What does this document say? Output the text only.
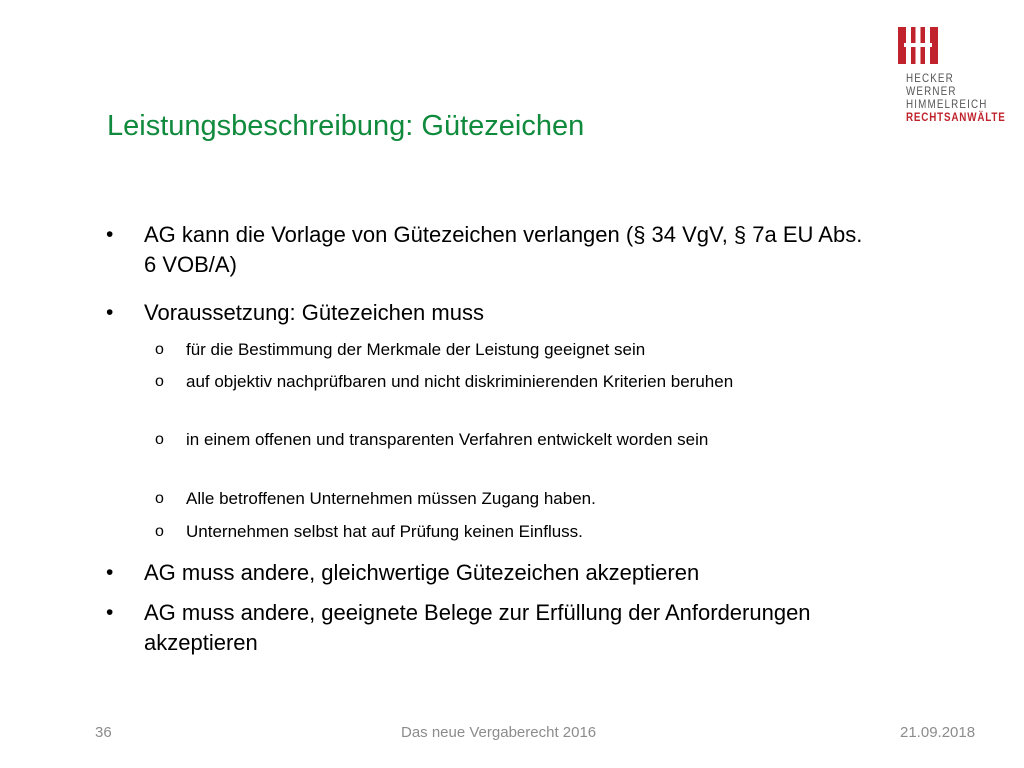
HECKER
WERNER
HIMMELREICH
RECHTSANWÄLTE
Leistungsbeschreibung: Gütezeichen
• AG kann die Vorlage von Gütezeichen verlangen (§ 34 VgV, § 7a EU Abs. 6 VOB/A)
• Voraussetzung: Gütezeichen muss
o für die Bestimmung der Merkmale der Leistung geeignet sein
o auf objektiv nachprüfbaren und nicht diskriminierenden Kriterien beruhen
o in einem offenen und transparenten Verfahren entwickelt worden sein
o Alle betroffenen Unternehmen müssen Zugang haben.
o Unternehmen selbst hat auf Prüfung keinen Einfluss.
• AG muss andere, gleichwertige Gütezeichen akzeptieren
• AG muss andere, geeignete Belege zur Erfüllung der Anforderungen akzeptieren
36	Das neue Vergaberecht 2016	21.09.2018
